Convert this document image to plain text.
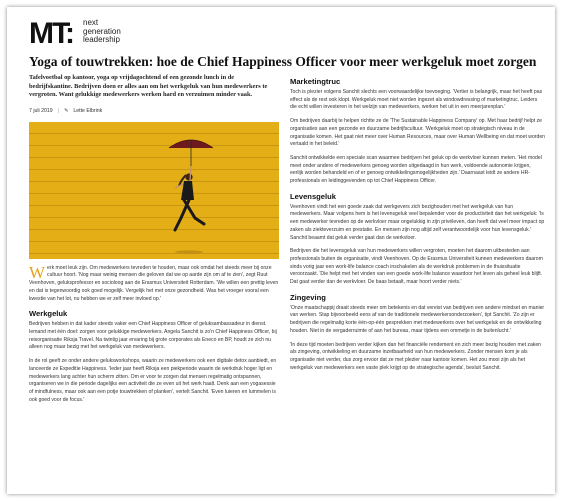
MT: next
generation
leadership
Yoga of touwtrekken: hoe de Chief Happiness Officer voor meer werkgeluk moet zorgen

Tafelvoetbal op kantoor, yoga op vrijdagochtend of een gezonde lunch in de bedrijfskantine. Bedrijven doen er alles aan om het werkgeluk van hun medewerkers te vergroten. Want gelukkige medewerkers werken hard en verzuimen minder vaak.

7 juli 2019 | ✎ Lette Elbrink

Werk moet leuk zijn. Om medewerkers tevreden te houden, maar ook omdat het steeds meer bij onze cultuur hoort. 'Nog maar weinig mensen die geloven dat we op aarde zijn om af te zien', zegt Ruut Veenhoven, geluksprofessor en socioloog aan de Erasmus Universiteit Rotterdam. 'We willen een prettig leven en dat is tegenwoordig ook goed mogelijk. Vergelijk het met onze gezondheid. Was het vroeger vooral een kwestie van het lot, nu hebben we er zelf meer invloed op.'

Werkgeluk

Bedrijven hebben in dat kader steeds vaker een Chief Happiness Officer of geluksambassadeur in dienst. Iemand met één doel: zorgen voor gelukkige medewerkers. Angela Sanchit is zo'n Chief Happiness Officer, bij reisorganisatie Riksja Travel. Na twintig jaar ervaring bij grote corporates als Eneco en BP, houdt ze zich nu alleen nog maar bezig met het werkgeluk van medewerkers.

In de rol geeft ze onder andere geluksworkshops, waarin ze medewerkers ook een digitale detox aanbiedt, en lanceerde ze Expeditie Happiness. 'Ieder jaar heeft Riksja een piekperiode waarin de werkdruk hoger ligt en medewerkers lang achter hun scherm zitten. Om er voor te zorgen dat mensen regelmatig ontspannen, organiseren we in die periode dagelijks een activiteit die ze even uit het werk haalt. Denk aan een yogasessie of mindfulness, maar ook aan een potje touwtrekken of planken', vertelt Sanchit. 'Even luieren en lummelen is ook goed voor de focus.'

Marketingtruc

Toch is plezier volgens Sanchit slechts een voorwaardelijke toevoeging. 'Vertier is belangrijk, maar het heeft pas effect als de rest ook klopt. Werkgeluk moet niet worden ingezet als windowdressing of marketingtruc. Leiders die echt willen investeren in het welzijn van medewerkers, werken het uit in een meerjarenplan.'

Om bedrijven daarbij te helpen richtte ze de 'The Sustainable Happiness Company' op. Met haar bedrijf helpt ze organisaties aan een gezonde en duurzame bedrijfscultuur. 'Werkgeluk moet op strategisch niveau in de organisatie komen. Het gaat niet meer over Human Resources, maar over Human Wellbeing en dat moet worden vertaald in het beleid.'

Sanchit ontwikkelde een speciale scan waarmee bedrijven het geluk op de werkvloer kunnen meten. 'Het model meet onder andere of medewerkers genoeg worden uitgedaagd in hun werk, voldoende autonomie krijgen, eerlijk worden behandeld en of er genoeg ontwikkelingsmogelijkheden zijn.' Daarnaast leidt ze andere HR-professionals en leidinggevenden op tot Chief Happiness Officer.

Levensgeluk

Veenhoven vindt het een goede zaak dat werkgevers zich bezighouden met het werkgeluk van hun medewerkers. Maar volgens hem is het levensgeluk veel bepalender voor de productiviteit dan het werkgeluk: 'Is een medewerker tevreden op de werkvloer maar ongelukkig in zijn privéleven, dan heeft dat veel meer impact op zaken als ziekteverzuim en prestatie. En mensen zijn nog altijd zelf verantwoordelijk voor hun levensgeluk.' Sanchit beaamt dat geluk verder gaat dan de werkvloer.

Bedrijven die het levensgeluk van hun medewerkers willen vergroten, moeten het daarom uitbesteden aan professionals buiten de organisatie, vindt Veenhoven. Op de Erasmus Universiteit kunnen medewerkers daarom sinds vorig jaar een work-life balance coach inschakelen als de werkdruk problemen in de thuissituatie veroorzaakt. 'Die helpt met het vinden van een goede work-life balance waardoor het leven als geheel leuk blijft. Dat gaat verder dan de werkvloer. De baas betaalt, maar hoort verder niets.'

Zingeving

'Onze maatschappij draait steeds meer om betekenis en dat vereist van bedrijven een andere mindset en manier van werken. Stap bijvoorbeeld eens af van de traditionele medewerkersonderzoeken', tipt Sanchit. 'Zo zijn er bedrijven die regelmatig korte één-op-één gesprekken met medewerkers over het werkgeluk en de ontwikkeling houden. Niet in de vergaderruimte of aan het bureau, maar tijdens een ommetje in de buitenlucht.'

'In deze tijd moeten bedrijven verder kijken dan het financiële rendement en zich meer bezig houden met zaken als zingeving, ontwikkeling en duurzame inzetbaarheid van hun medewerkers. Zonder mensen kom je als organisatie niet verder, dus zorg ervoor dat ze met plezier naar kantoor komen. Het zou mooi zijn als het werkgeluk van medewerkers een vaste plek krijgt op de strategische agenda', besluit Sanchit.
